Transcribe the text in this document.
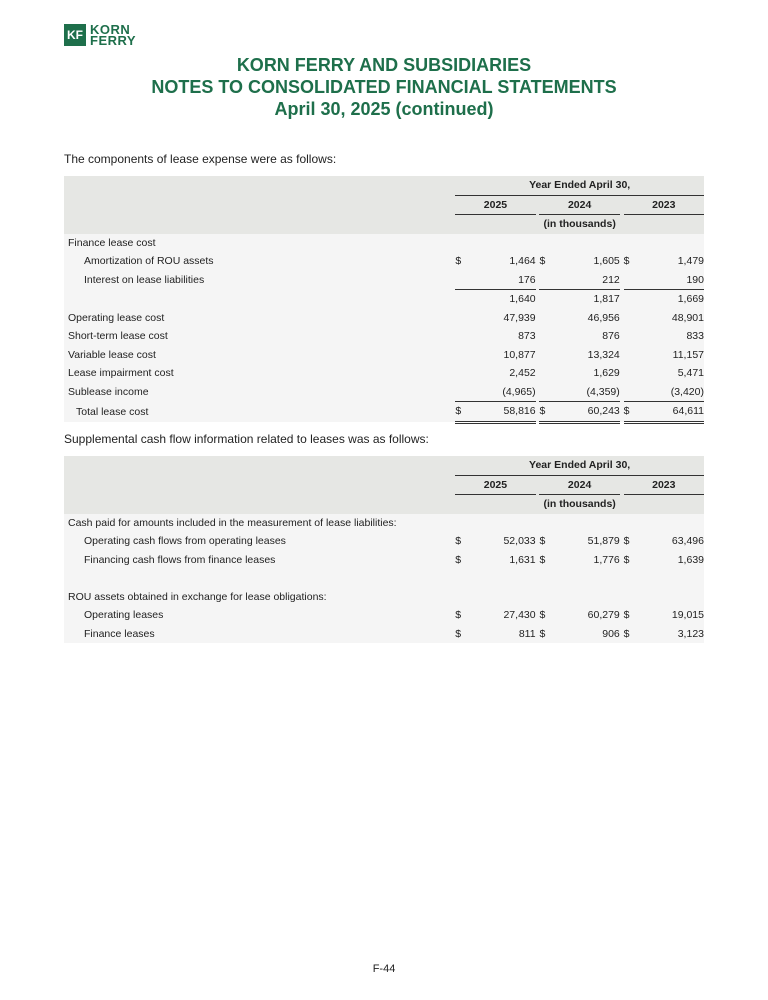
KF KORN
FERRY
KORN FERRY AND SUBSIDIARIES
NOTES TO CONSOLIDATED FINANCIAL STATEMENTS
April 30, 2025 (continued)
The components of lease expense were as follows:
		Year Ended April 30,							
		2025			2024			2023	
		(in thousands)							
Finance lease cost									
Amortization of ROU assets		$	1,464		$	1,605		$	1,479
Interest on lease liabilities			176			212			190
			1,640			1,817			1,669
Operating lease cost			47,939			46,956			48,901
Short-term lease cost			873			876			833
Variable lease cost			10,877			13,324			11,157
Lease impairment cost			2,452			1,629			5,471
Sublease income			(4,965)			(4,359)			(3,420)
Total lease cost		$	58,816		$	60,243		$	64,611
Supplemental cash flow information related to leases was as follows:
		Year Ended April 30,							
		2025			2024			2023	
		(in thousands)							
Cash paid for amounts included in the measurement of lease liabilities:									
Operating cash flows from operating leases		$	52,033		$	51,879		$	63,496
Financing cash flows from finance leases		$	1,631		$	1,776		$	1,639

ROU assets obtained in exchange for lease obligations:									
Operating leases		$	27,430		$	60,279		$	19,015
Finance leases		$	811		$	906		$	3,123
F-44
